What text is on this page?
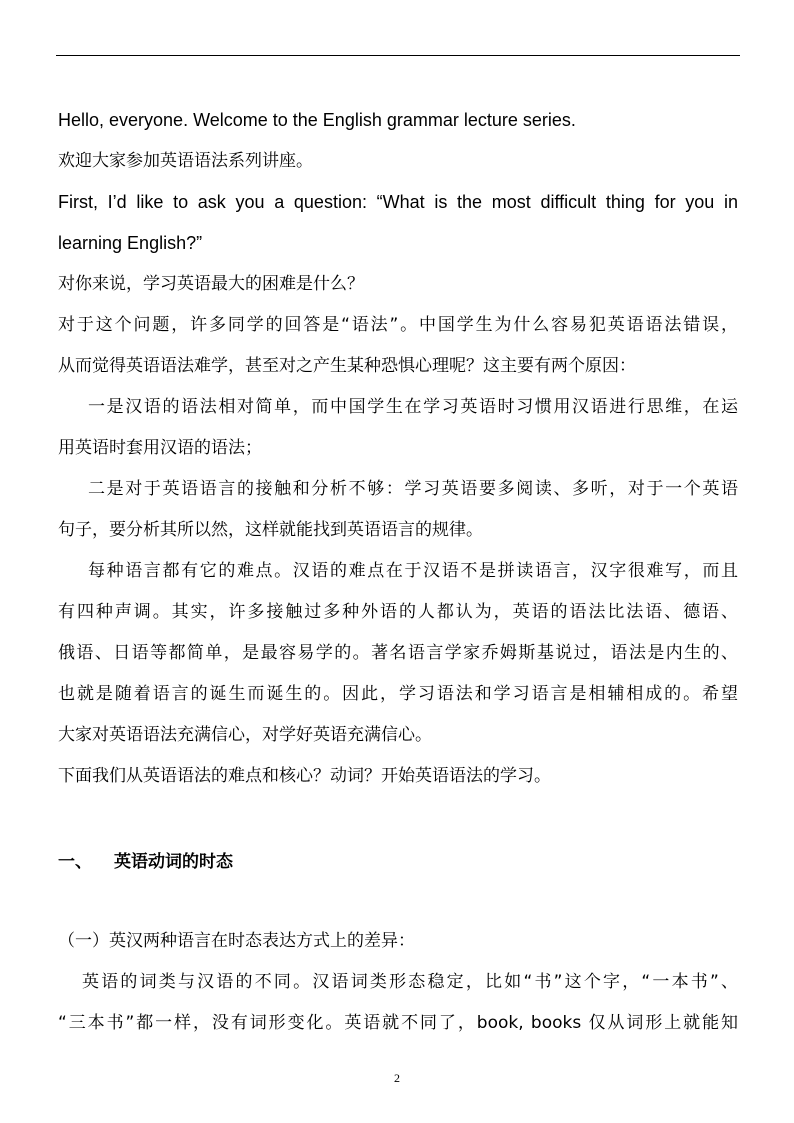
Hello, everyone. Welcome to the English grammar lecture series.
欢迎大家参加英语语法系列讲座。
First, I’d like to ask you a question: “What is the most difficult thing for you in
learning English?”
对你来说，学习英语最大的困难是什么？
对于这个问题，许多同学的回答是“语法”。中国学生为什么容易犯英语语法错误，
从而觉得英语语法难学，甚至对之产生某种恐惧心理呢？这主要有两个原因：
一是汉语的语法相对简单，而中国学生在学习英语时习惯用汉语进行思维，在运
用英语时套用汉语的语法；
二是对于英语语言的接触和分析不够：学习英语要多阅读、多听，对于一个英语
句子，要分析其所以然，这样就能找到英语语言的规律。
每种语言都有它的难点。汉语的难点在于汉语不是拼读语言，汉字很难写，而且
有四种声调。其实，许多接触过多种外语的人都认为，英语的语法比法语、德语、
俄语、日语等都简单，是最容易学的。著名语言学家乔姆斯基说过，语法是内生的、
也就是随着语言的诞生而诞生的。因此，学习语法和学习语言是相辅相成的。希望
大家对英语语法充满信心，对学好英语充满信心。
下面我们从英语语法的难点和核心？动词？开始英语语法的学习。
一、 英语动词的时态
（一）英汉两种语言在时态表达方式上的差异：
英语的词类与汉语的不同。汉语词类形态稳定，比如“书”这个字，“一本书”、
“三本书”都一样，没有词形变化。英语就不同了，book, books 仅从词形上就能知
2
